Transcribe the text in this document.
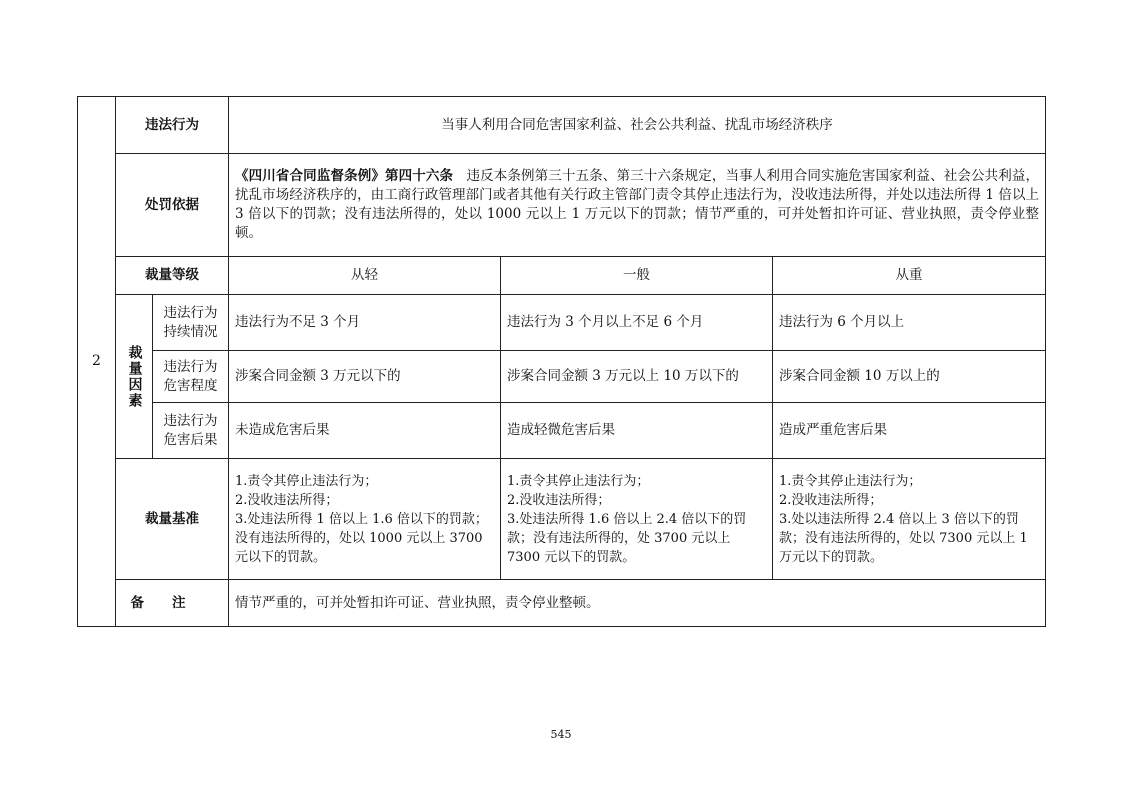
2	违法行为		当事人利用合同危害国家利益、社会公共利益、扰乱市场经济秩序		
	处罚依据		《四川省合同监督条例》第四十六条 违反本条例第三十五条、第三十六条规定，当事人利用合同实施危害国家利益、社会公共利益，扰乱市场经济秩序的，由工商行政管理部门或者其他有关行政主管部门责令其停止违法行为，没收违法所得，并处以违法所得 1 倍以上 3 倍以下的罚款；没有违法所得的，处以 1000 元以上 1 万元以下的罚款；情节严重的，可并处暂扣许可证、营业执照，责令停业整顿。		
	裁量等级		从轻	一般	从重
	裁量因素	违法行为持续情况	违法行为不足 3 个月	违法行为 3 个月以上不足 6 个月	违法行为 6 个月以上
		违法行为危害程度	涉案合同金额 3 万元以下的	涉案合同金额 3 万元以上 10 万以下的	涉案合同金额 10 万以上的
		违法行为危害后果	未造成危害后果	造成轻微危害后果	造成严重危害后果
	裁量基准		1.责令其停止违法行为；
2.没收违法所得；
3.处违法所得 1 倍以上 1.6 倍以下的罚款；没有违法所得的，处以 1000 元以上 3700 元以下的罚款。	1.责令其停止违法行为；
2.没收违法所得；
3.处违法所得 1.6 倍以上 2.4 倍以下的罚款；没有违法所得的，处 3700 元以上 7300 元以下的罚款。	1.责令其停止违法行为；
2.没收违法所得；
3.处以违法所得 2.4 倍以上 3 倍以下的罚款；没有违法所得的，处以 7300 元以上 1 万元以下的罚款。

	备注		情节严重的，可并处暂扣许可证、营业执照，责令停业整顿。		
545
